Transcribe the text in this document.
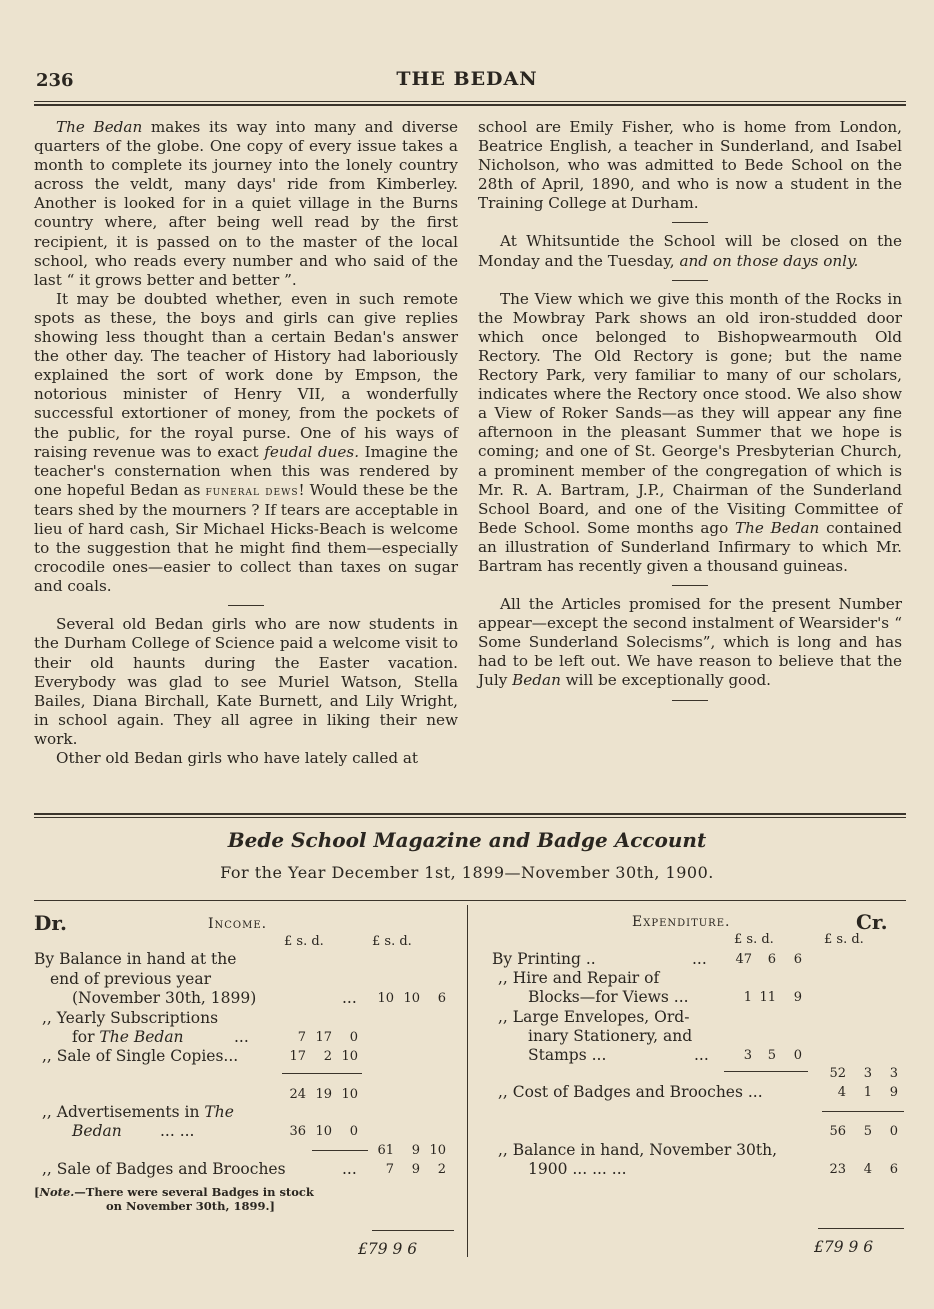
236	THE BEDAN

The Bedan makes its way into many and diverse quarters of the globe. One copy of every issue takes a month to complete its journey into the lonely country across the veldt, many days' ride from Kimberley. Another is looked for in a quiet village in the Burns country where, after being well read by the first recipient, it is passed on to the master of the local school, who reads every number and who said of the last “ it grows better and better ”.

It may be doubted whether, even in such remote spots as these, the boys and girls can give replies showing less thought than a certain Bedan's answer the other day. The teacher of History had laboriously explained the sort of work done by Empson, the notorious minister of Henry VII, a wonderfully successful extortioner of money, from the pockets of the public, for the royal purse. One of his ways of raising revenue was to exact feudal dues. Imagine the teacher's consternation when this was rendered by one hopeful Bedan as funeral dews! Would these be the tears shed by the mourners ? If tears are acceptable in lieu of hard cash, Sir Michael Hicks-Beach is welcome to the suggestion that he might find them—especially crocodile ones—easier to collect than taxes on sugar and coals.

Several old Bedan girls who are now students in the Durham College of Science paid a welcome visit to their old haunts during the Easter vacation. Everybody was glad to see Muriel Watson, Stella Bailes, Diana Birchall, Kate Burnett, and Lily Wright, in school again. They all agree in liking their new work.

Other old Bedan girls who have lately called at

school are Emily Fisher, who is home from London, Beatrice English, a teacher in Sunderland, and Isabel Nicholson, who was admitted to Bede School on the 28th of April, 1890, and who is now a student in the Training College at Durham.

At Whitsuntide the School will be closed on the Monday and the Tuesday, and on those days only.

The View which we give this month of the Rocks in the Mowbray Park shows an old iron-studded door which once belonged to Bishopwearmouth Old Rectory. The Old Rectory is gone; but the name Rectory Park, very familiar to many of our scholars, indicates where the Rectory once stood. We also show a View of Roker Sands—as they will appear any fine afternoon in the pleasant Summer that we hope is coming; and one of St. George's Presbyterian Church, a prominent member of the congregation of which is Mr. R. A. Bartram, J.P., Chairman of the Sunderland School Board, and one of the Visiting Committee of Bede School. Some months ago The Bedan contained an illustration of Sunderland Infirmary to which Mr. Bartram has recently given a thousand guineas.

All the Articles promised for the present Number appear—except the second instalment of Wearsider's “ Some Sunderland Solecisms”, which is long and has had to be left out. We have reason to believe that the July Bedan will be exceptionally good.

Bede School Magazine and Badge Account
For the Year December 1st, 1899—November 30th, 1900.
Dr.	Income.
£ s. d.	£ s. d.
By Balance in hand at the
end of previous year
(November 30th, 1899)	...	10 10	6
,, Yearly Subscriptions
for The Bedan	...	7 17	0
,, Sale of Single Copies...	17	2 10
24 19 10
,, Advertisements in The
Bedan ... ...	36 10	0
61	9 10
,, Sale of Badges and Brooches	...	7	9	2
[Note.—There were several Badges in stock
on November 30th, 1899.]
£79 9 6
Expenditure.	Cr.
£ s. d.	£ s. d.
By Printing ..	...	47	6	6
,, Hire and Repair of
Blocks—for Views ...	1 11	9
,, Large Envelopes, Ord-
inary Stationery, and
Stamps ...	...	3	5	0
52	3	3
,, Cost of Badges and Brooches ...	4	1	9
56	5	0
,, Balance in hand, November 30th,
1900 ... ... ...	23	4	6
£79 9 6
